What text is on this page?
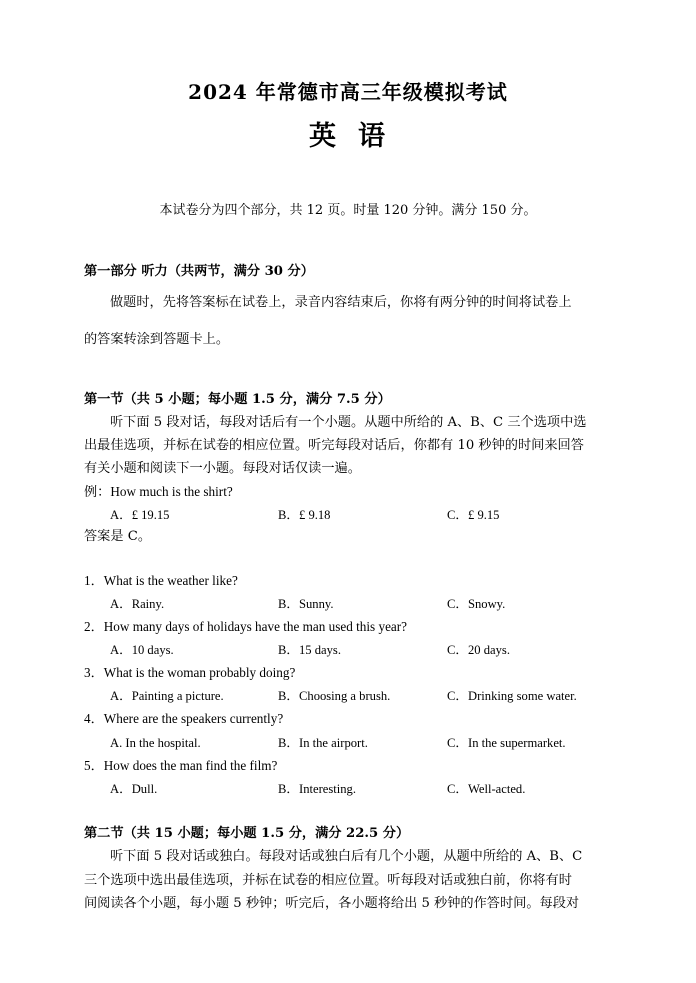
2024 年常德市高三年级模拟考试
英语
本试卷分为四个部分，共 12 页。时量 120 分钟。满分 150 分。
第一部分 听力（共两节，满分 30 分）
做题时，先将答案标在试卷上，录音内容结束后，你将有两分钟的时间将试卷上
的答案转涂到答题卡上。
第一节（共 5 小题；每小题 1.5 分，满分 7.5 分）
听下面 5 段对话，每段对话后有一个小题。从题中所给的 A、B、C 三个选项中选
出最佳选项，并标在试卷的相应位置。听完每段对话后，你都有 10 秒钟的时间来回答
有关小题和阅读下一小题。每段对话仅读一遍。
例：How much is the shirt?
A．£ 19.15	B．£ 9.18	C．£ 9.15
答案是 C。
1．What is the weather like?
A．Rainy.	B．Sunny.	C．Snowy.
2．How many days of holidays have the man used this year?
A．10 days.	B．15 days.	C．20 days.
3．What is the woman probably doing?
A．Painting a picture.	B．Choosing a brush.	C．Drinking some water.
4．Where are the speakers currently?
A. In the hospital.	B．In the airport.	C．In the supermarket.
5．How does the man find the film?
A．Dull.	B．Interesting.	C．Well-acted.
第二节（共 15 小题；每小题 1.5 分，满分 22.5 分）
听下面 5 段对话或独白。每段对话或独白后有几个小题，从题中所给的 A、B、C
三个选项中选出最佳选项，并标在试卷的相应位置。听每段对话或独白前，你将有时
间阅读各个小题，每小题 5 秒钟；听完后，各小题将给出 5 秒钟的作答时间。每段对
